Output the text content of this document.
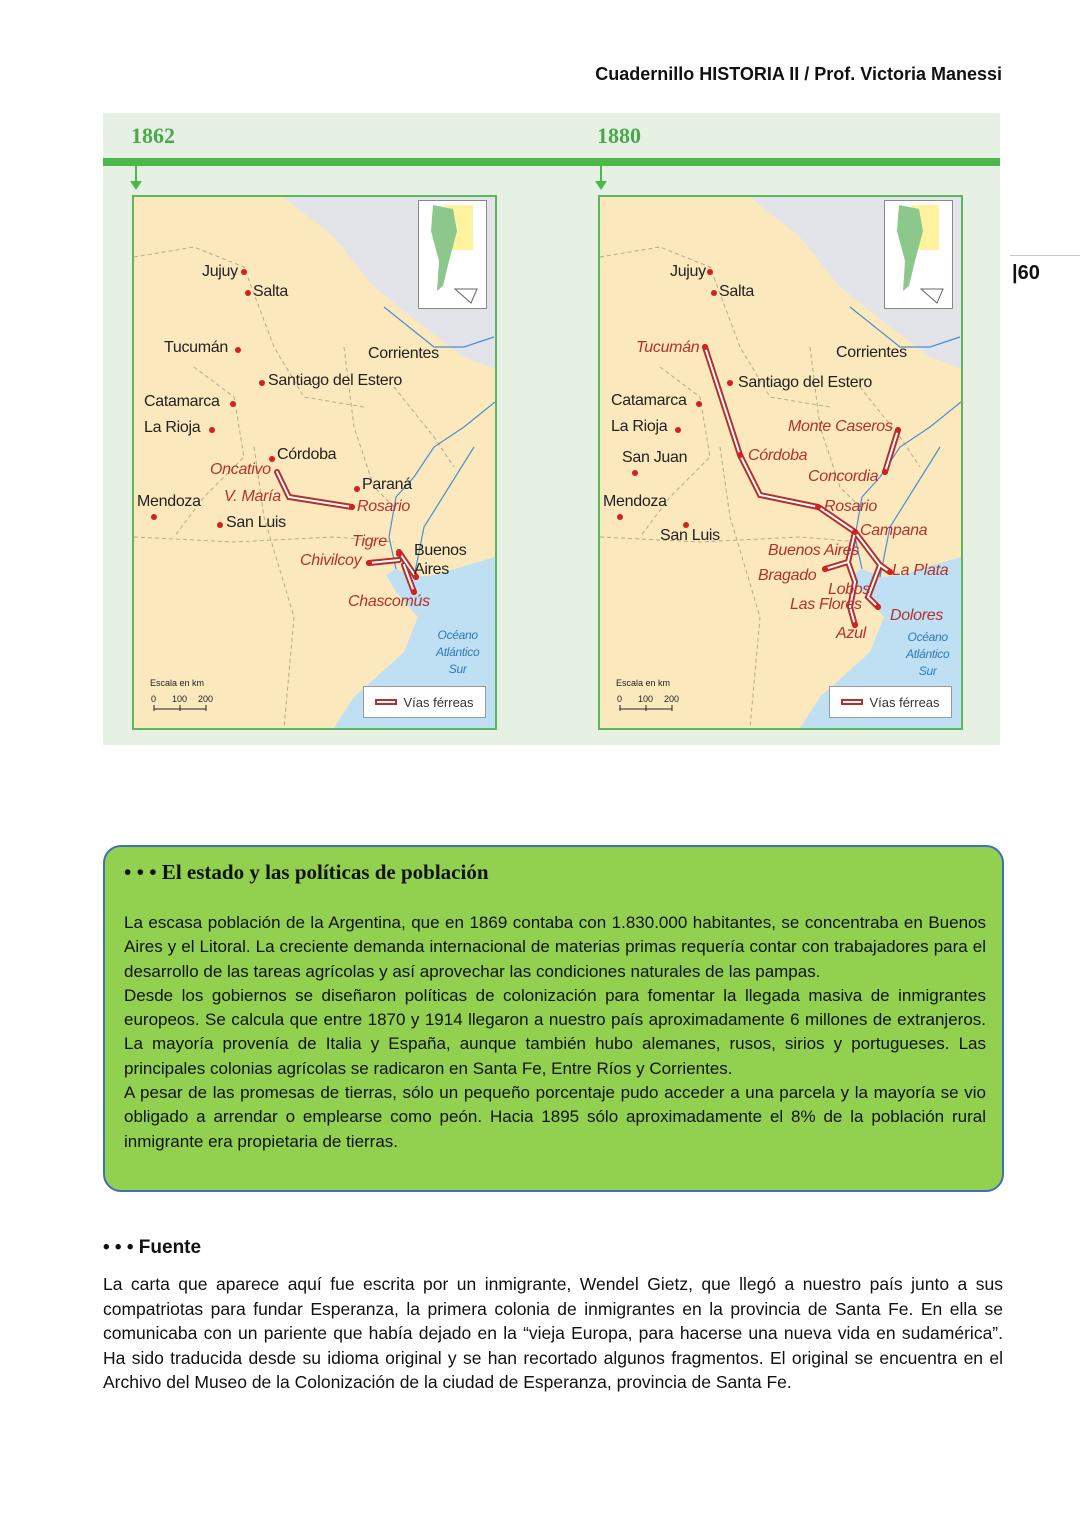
Cuadernillo HISTORIA II / Prof. Victoria Manessi
|60
1862	1880
Jujuy
Salta
Tucumán	Corrientes
Santiago del Estero
Catamarca
La Rioja
Córdoba
Oncativo
Paraná
Mendoza V. María
Rosario
San Luis
Tigre
Buenos
Aires
Chivilcoy
Chascomús
Océano
Atlántico
Sur
Escala en km
0 100 200	Vías férreas
Jujuy
Salta
Tucumán	Corrientes
Santiago del Estero
Catamarca
La Rioja	Monte Caseros
San Juan	Córdoba
Concordia
Mendoza	Rosario
San Luis	Campana
Buenos Aires
Bragado	La Plata
Lobos
Las Flores
Dolores
Azul	Océano
Atlántico
Sur
Escala en km
0 100 200	Vías férreas
• • • El estado y las políticas de población

La escasa población de la Argentina, que en 1869 contaba con 1.830.000 habitantes, se concentraba en Buenos Aires y el Litoral. La creciente demanda internacional de materias primas requería contar con trabajadores para el desarrollo de las tareas agrícolas y así aprovechar las condiciones naturales de las pampas.

Desde los gobiernos se diseñaron políticas de colonización para fomentar la llegada masiva de inmigrantes europeos. Se calcula que entre 1870 y 1914 llegaron a nuestro país aproximadamente 6 millones de extranjeros. La mayoría provenía de Italia y España, aunque también hubo alemanes, rusos, sirios y portugueses. Las principales colonias agrícolas se radicaron en Santa Fe, Entre Ríos y Corrientes.

A pesar de las promesas de tierras, sólo un pequeño porcentaje pudo acceder a una parcela y la mayoría se vio obligado a arrendar o emplearse como peón. Hacia 1895 sólo aproximadamente el 8% de la población rural inmigrante era propietaria de tierras.

• • • Fuente

La carta que aparece aquí fue escrita por un inmigrante, Wendel Gietz, que llegó a nuestro país junto a sus compatriotas para fundar Esperanza, la primera colonia de inmigrantes en la provincia de Santa Fe. En ella se comunicaba con un pariente que había dejado en la “vieja Europa, para hacerse una nueva vida en sudamérica”. Ha sido traducida desde su idioma original y se han recortado algunos fragmentos. El original se encuentra en el Archivo del Museo de la Colonización de la ciudad de Esperanza, provincia de Santa Fe.
